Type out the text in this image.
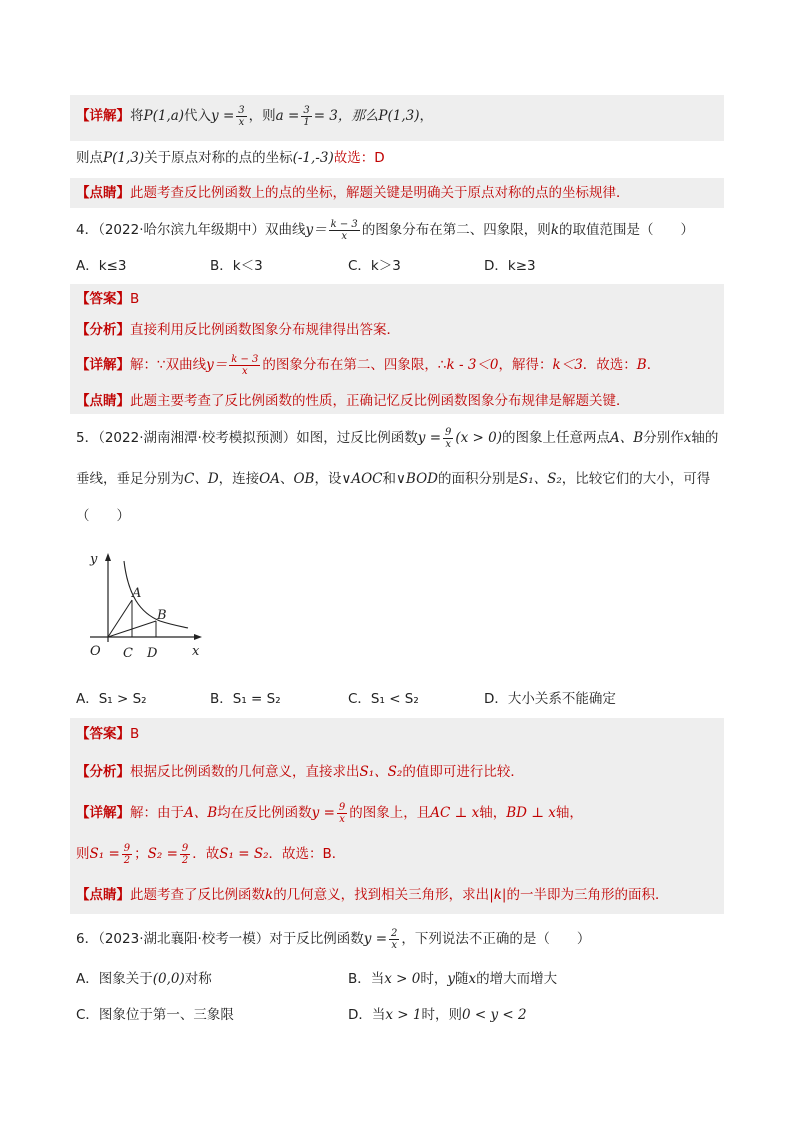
【详解】将P(1,a)代入$y = \frac{3}{x}$ ，则$a = \frac{3}{1} = 3$，那么P(1,3)，
则点P(1,3)关于原点对称的点的坐标(-1,-3)故选：D
【点睛】此题考查反比例函数上的点的坐标，解题关键是明确关于原点对称的点的坐标规律．
4．（2022·哈尔滨九年级期中）双曲线$y= \frac{k - 3}{x}$ 的图象分布在第二、四象限，则k的取值范围是（　　）
A．k≤3	B．k＜3	C．k＞3	D．k≥3
【答案】B
【分析】直接利用反比例函数图象分布规律得出答案．
【详解】解：∵双曲线$y= \frac{k - 3}{x}$ 的图象分布在第二、四象限，∴k - 3＜0，解得：k＜3．故选：B．
【点睛】此题主要考查了反比例函数的性质，正确记忆反比例函数图象分布规律是解题关键．
5．（2022·湖南湘潭·校考模拟预测）如图，过反比例函数$y = \frac{9}{x} (x > 0)$的图象上任意两点A、B分别作x轴的
垂线，垂足分别为C、D，连接OA、OB，设∨AOC和∨BOD的面积分别是S₁、S₂，比较它们的大小，可得
（　　）
y
A
B
O C D	x
A．S₁ > S₂	B．S₁ = S₂	C．S₁ < S₂	D．大小关系不能确定
【答案】B
【分析】根据反比例函数的几何意义，直接求出S₁、S₂的值即可进行比较．
【详解】解：由于A、B均在反比例函数$y = \frac{9}{x}$ 的图象上，且AC ⊥ x轴，BD ⊥ x轴，
则$S_1 = \frac{9}{2}$ ；$S_2 = \frac{9}{2}$ ．故S₁ = S₂．故选：B．
【点睛】此题考查了反比例函数k的几何意义，找到相关三角形，求出|k|的一半即为三角形的面积．
6．（2023·湖北襄阳·校考一模）对于反比例函数$y = \frac{2}{x}$ ，下列说法不正确的是（　　）
A．图象关于(0,0)对称	B．当x > 0时，y随x的增大而增大
C．图象位于第一、三象限	D．当x > 1时，则0 < y < 2
